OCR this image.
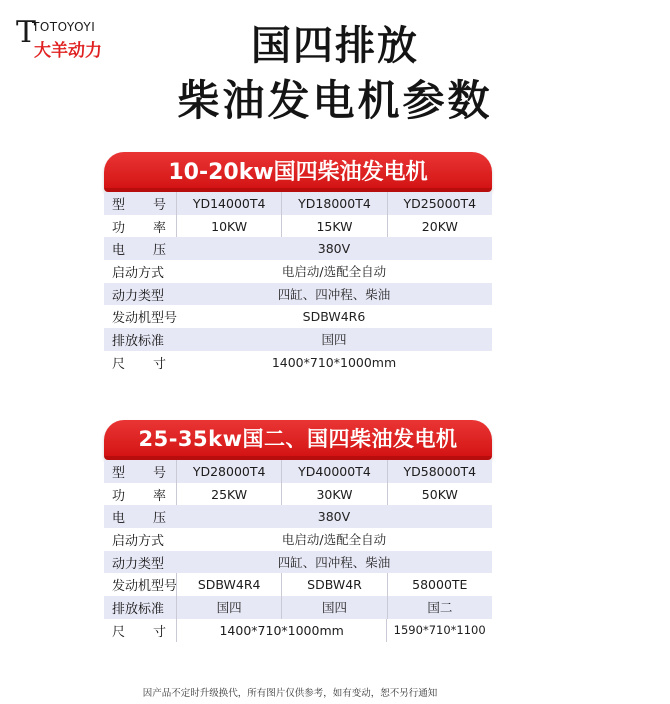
T
TOTOYOYI
大羊动力	国四排放
柴油发电机参数
10-20kw国四柴油发电机
型 号	YD14000T4	YD18000T4	YD25000T4
功 率	10KW	15KW	20KW
电 压	380V
启动方式	电启动/选配全自动
动力类型	四缸、四冲程、柴油
发动机型号	SDBW4R6
排放标准	国四
尺 寸	1400*710*1000mm
25-35kw国二、国四柴油发电机
型 号	YD28000T4	YD40000T4	YD58000T4
功 率	25KW	30KW	50KW
电 压	380V
启动方式	电启动/选配全自动
动力类型	四缸、四冲程、柴油
发动机型号	SDBW4R4	SDBW4R	58000TE
排放标准	国四	国四	国二
尺 寸	1400*710*1000mm	1590*710*1100
因产品不定时升级换代，所有图片仅供参考，如有变动，恕不另行通知
